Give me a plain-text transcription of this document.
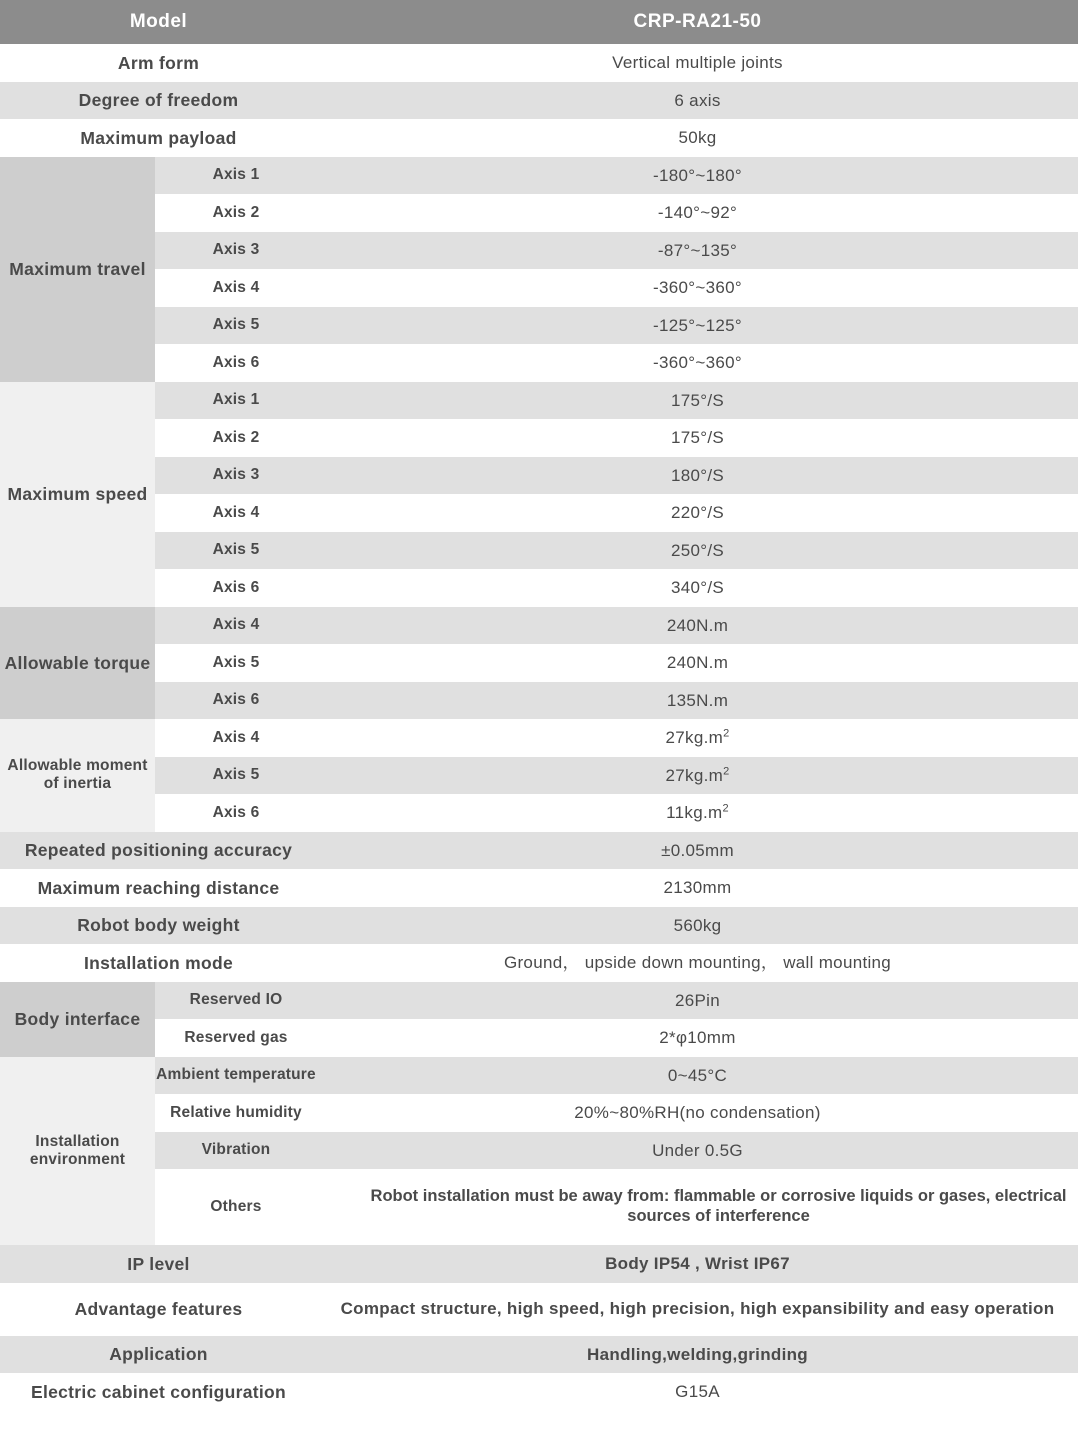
Model		CRP-RA21-50
Arm form		Vertical multiple joints
Degree of freedom		6 axis
Maximum payload		50kg
Maximum travel	Axis 1	-180°~180°
	Axis 2	-140°~92°
	Axis 3	-87°~135°
	Axis 4	-360°~360°
	Axis 5	-125°~125°
	Axis 6	-360°~360°
Maximum speed	Axis 1	175°/S
	Axis 2	175°/S
	Axis 3	180°/S
	Axis 4	220°/S
	Axis 5	250°/S
	Axis 6	340°/S
Allowable torque	Axis 4	240N.m
	Axis 5	240N.m
	Axis 6	135N.m
Allowable moment of inertia	Axis 4	$27kg.m^2$
	Axis 5	$27kg.m^2$
	Axis 6	$11kg.m^2$
Repeated positioning accuracy		±0.05mm
Maximum reaching distance		2130mm
Robot body weight		560kg
Installation mode		Ground， upside down mounting， wall mounting
Body interface	Reserved IO	26Pin
	Reserved gas	2*φ10mm
Installation environment	Ambient temperature	0~45°C
	Relative humidity	20%~80%RH(no condensation)
	Vibration	Under 0.5G
	Others	Robot installation must be away from: flammable or corrosive liquids or gases, electrical sources of interference
IP level		Body IP54 , Wrist IP67
Advantage features		Compact structure, high speed, high precision, high expansibility and easy operation
Application		Handling,welding,grinding
Electric cabinet configuration		G15A
